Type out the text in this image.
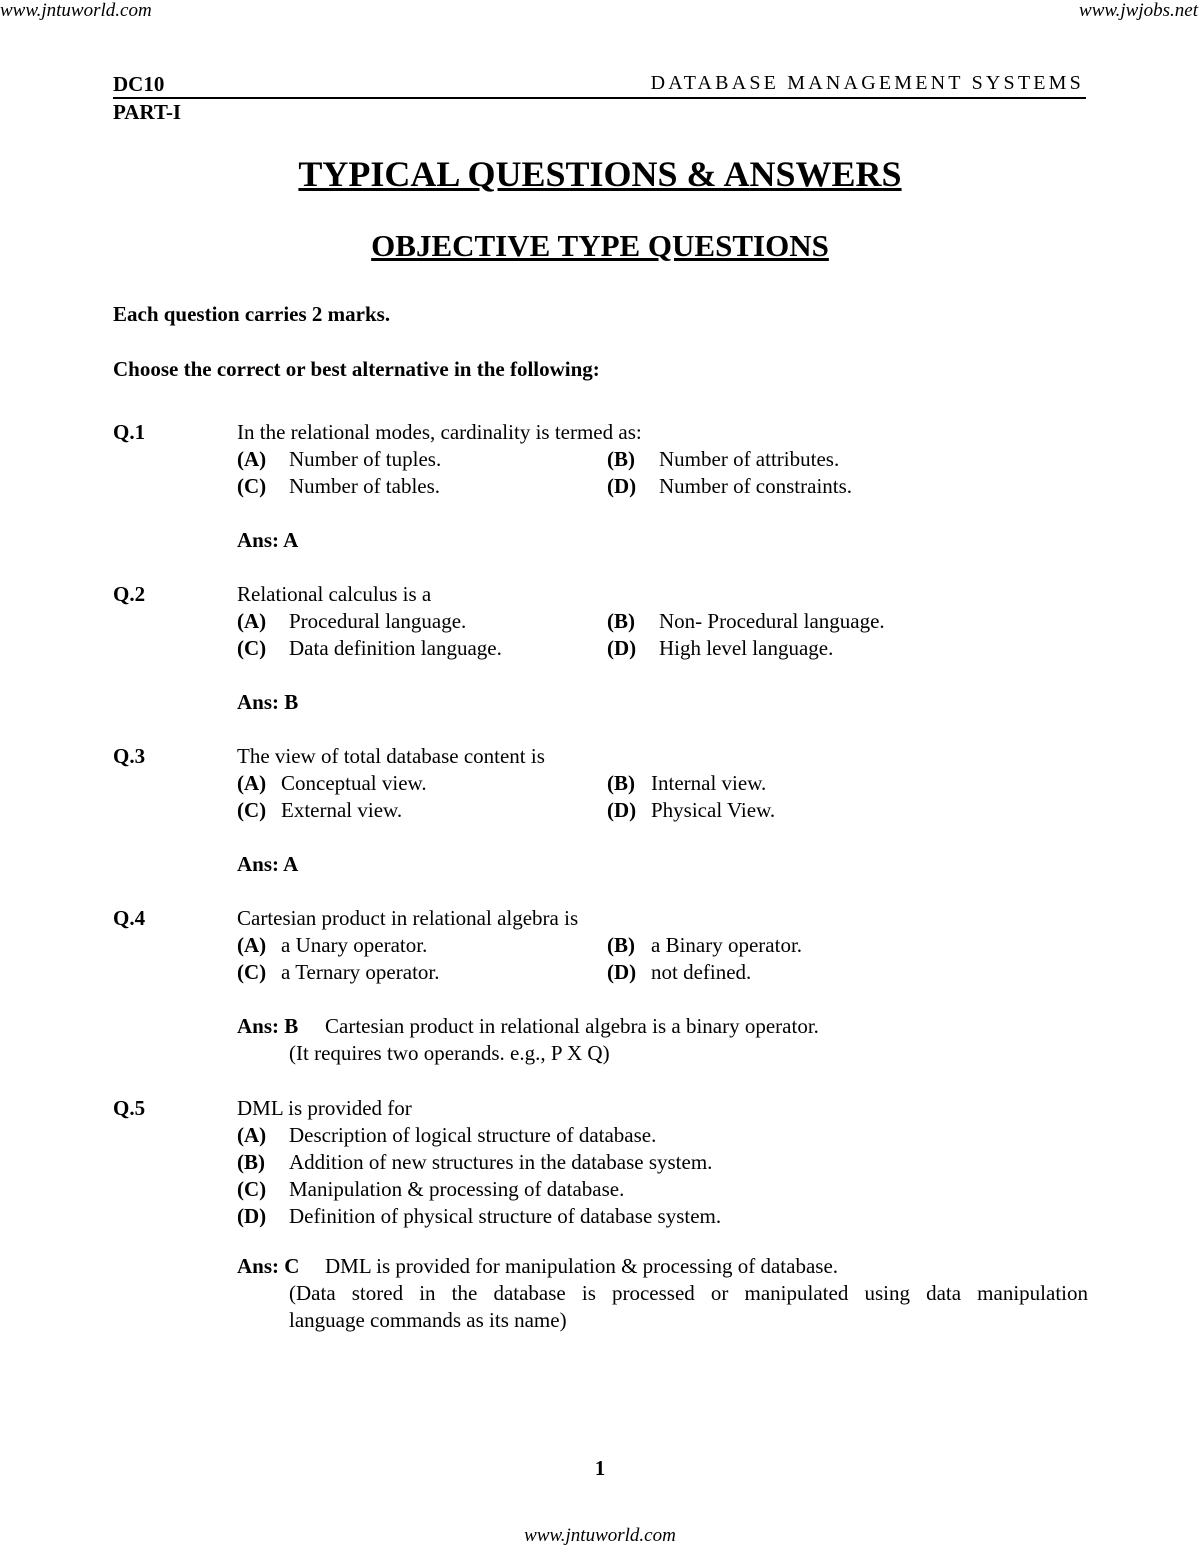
www.jntuworld.com	www.jwjobs.net
DC10	DATABASE MANAGEMENT SYSTEMS
PART-I
TYPICAL QUESTIONS & ANSWERS
OBJECTIVE TYPE QUESTIONS
Each question carries 2 marks.
Choose the correct or best alternative in the following:
Q.1	In the relational modes, cardinality is termed as:
(A) Number of tuples.	(B) Number of attributes.
(C) Number of tables.	(D) Number of constraints.
Ans: A
Q.2	Relational calculus is a
(A) Procedural language.	(B) Non- Procedural language.
(C) Data definition language.	(D) High level language.
Ans: B
Q.3	The view of total database content is
(A) Conceptual view.	(B) Internal view.
(C) External view.	(D) Physical View.
Ans: A
Q.4	Cartesian product in relational algebra is
(A) a Unary operator.	(B) a Binary operator.
(C) a Ternary operator.	(D) not defined.
Ans: B Cartesian product in relational algebra is a binary operator.
(It requires two operands. e.g., P X Q)
Q.5	DML is provided for
(A) Description of logical structure of database.
(B) Addition of new structures in the database system.
(C) Manipulation & processing of database.
(D) Definition of physical structure of database system.
Ans: C DML is provided for manipulation & processing of database.
(Data stored in the database is processed or manipulated using data manipulation
language commands as its name)
1
www.jntuworld.com
